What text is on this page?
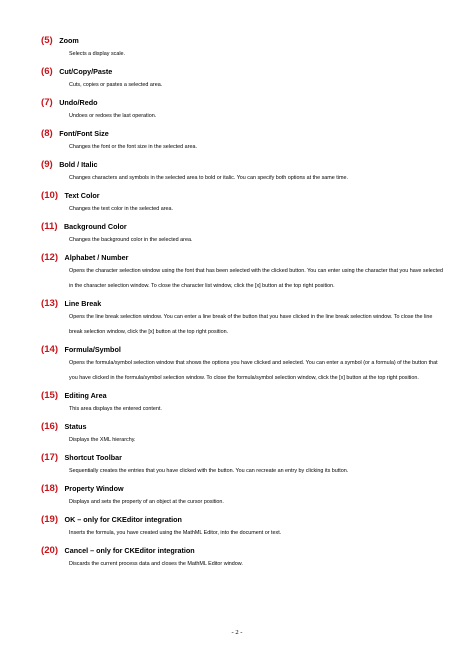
(5) Zoom

Selects a display scale.

(6) Cut/Copy/Paste

Cuts, copies or pastes a selected area.

(7) Undo/Redo

Undoes or redoes the last operation.

(8) Font/Font Size

Changes the font or the font size in the selected area.

(9) Bold / Italic

Changes characters and symbols in the selected area to bold or italic. You can specify both options at the same time.

(10) Text Color

Changes the text color in the selected area.

(11) Background Color

Changes the background color in the selected area.

(12) Alphabet / Number

Opens the character selection window using the font that has been selected with the clicked button. You can enter using the character that you have selected in the character selection window. To close the character list window, click the [x] button at the top right position.

(13) Line Break

Opens the line break selection window. You can enter a line break of the button that you have clicked in the line break selection window. To close the line break selection window, click the [x] button at the top right position.

(14) Formula/Symbol

Opens the formula/symbol selection window that shows the options you have clicked and selected. You can enter a symbol (or a formula) of the button that you have clicked in the formula/symbol selection window. To close the formula/symbol selection window, click the [x] button at the top right position.

(15) Editing Area

This area displays the entered content.

(16) Status

Displays the XML hierarchy.

(17) Shortcut Toolbar

Sequentially creates the entries that you have clicked with the button. You can recreate an entry by clicking its button.

(18) Property Window

Displays and sets the property of an object at the cursor position.

(19) OK – only for CKEditor integration

Inserts the formula, you have created using the MathML Editor, into the document or text.

(20) Cancel – only for CKEditor integration

Discards the current process data and closes the MathML Editor window.

- 2 -
